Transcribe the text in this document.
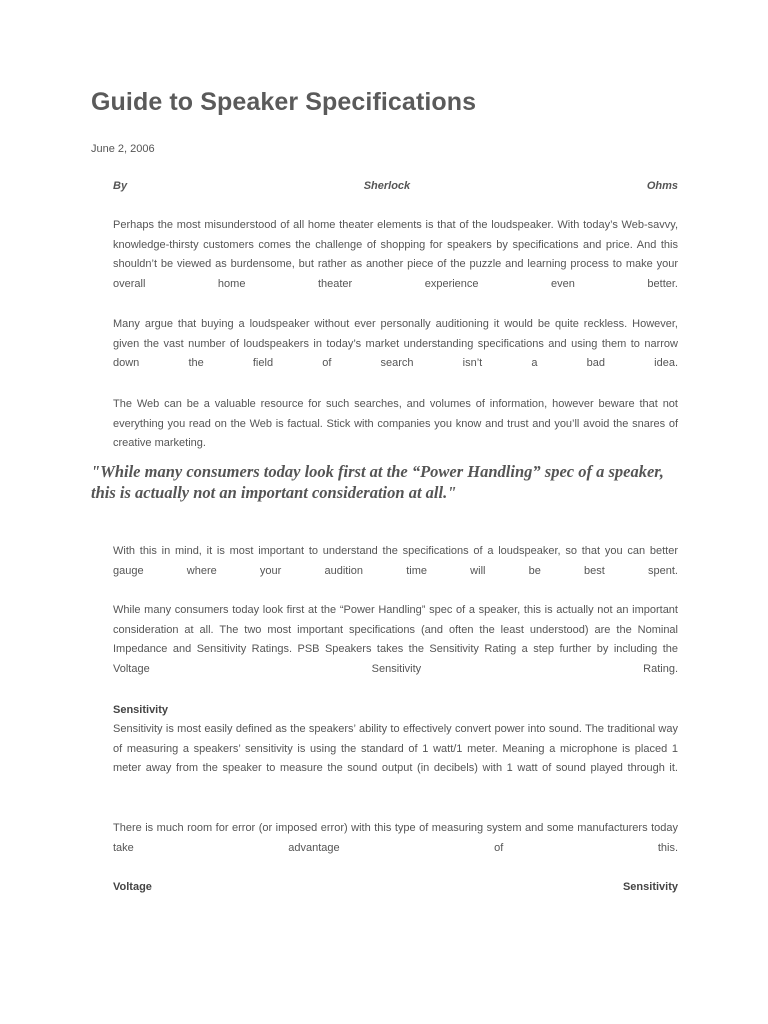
Guide to Speaker Specifications
June 2, 2006
By	Sherlock	Ohms

Perhaps the most misunderstood of all home theater elements is that of the loudspeaker. With today’s Web-savvy, knowledge-thirsty customers comes the challenge of shopping for speakers by specifications and price. And this shouldn’t be viewed as burdensome, but rather as another piece of the puzzle and learning process to make your overall home theater experience even better.

Many argue that buying a loudspeaker without ever personally auditioning it would be quite reckless. However, given the vast number of loudspeakers in today’s market understanding specifications and using them to narrow down the field of search isn’t a bad idea.

The Web can be a valuable resource for such searches, and volumes of information, however beware that not everything you read on the Web is factual. Stick with companies you know and trust and you’ll avoid the snares of creative marketing.

"While many consumers today look first at the “Power Handling” spec of a speaker, this is actually not an important consideration at all."

With this in mind, it is most important to understand the specifications of a loudspeaker, so that you can better gauge where your audition time will be best spent.

While many consumers today look first at the “Power Handling” spec of a speaker, this is actually not an important consideration at all. The two most important specifications (and often the least understood) are the Nominal Impedance and Sensitivity Ratings. PSB Speakers takes the Sensitivity Rating a step further by including the Voltage Sensitivity Rating.

Sensitivity

Sensitivity is most easily defined as the speakers’ ability to effectively convert power into sound. The traditional way of measuring a speakers’ sensitivity is using the standard of 1 watt/1 meter. Meaning a microphone is placed 1 meter away from the speaker to measure the sound output (in decibels) with 1 watt of sound played through it.

There is much room for error (or imposed error) with this type of measuring system and some manufacturers today take advantage of this.

Voltage	Sensitivity
